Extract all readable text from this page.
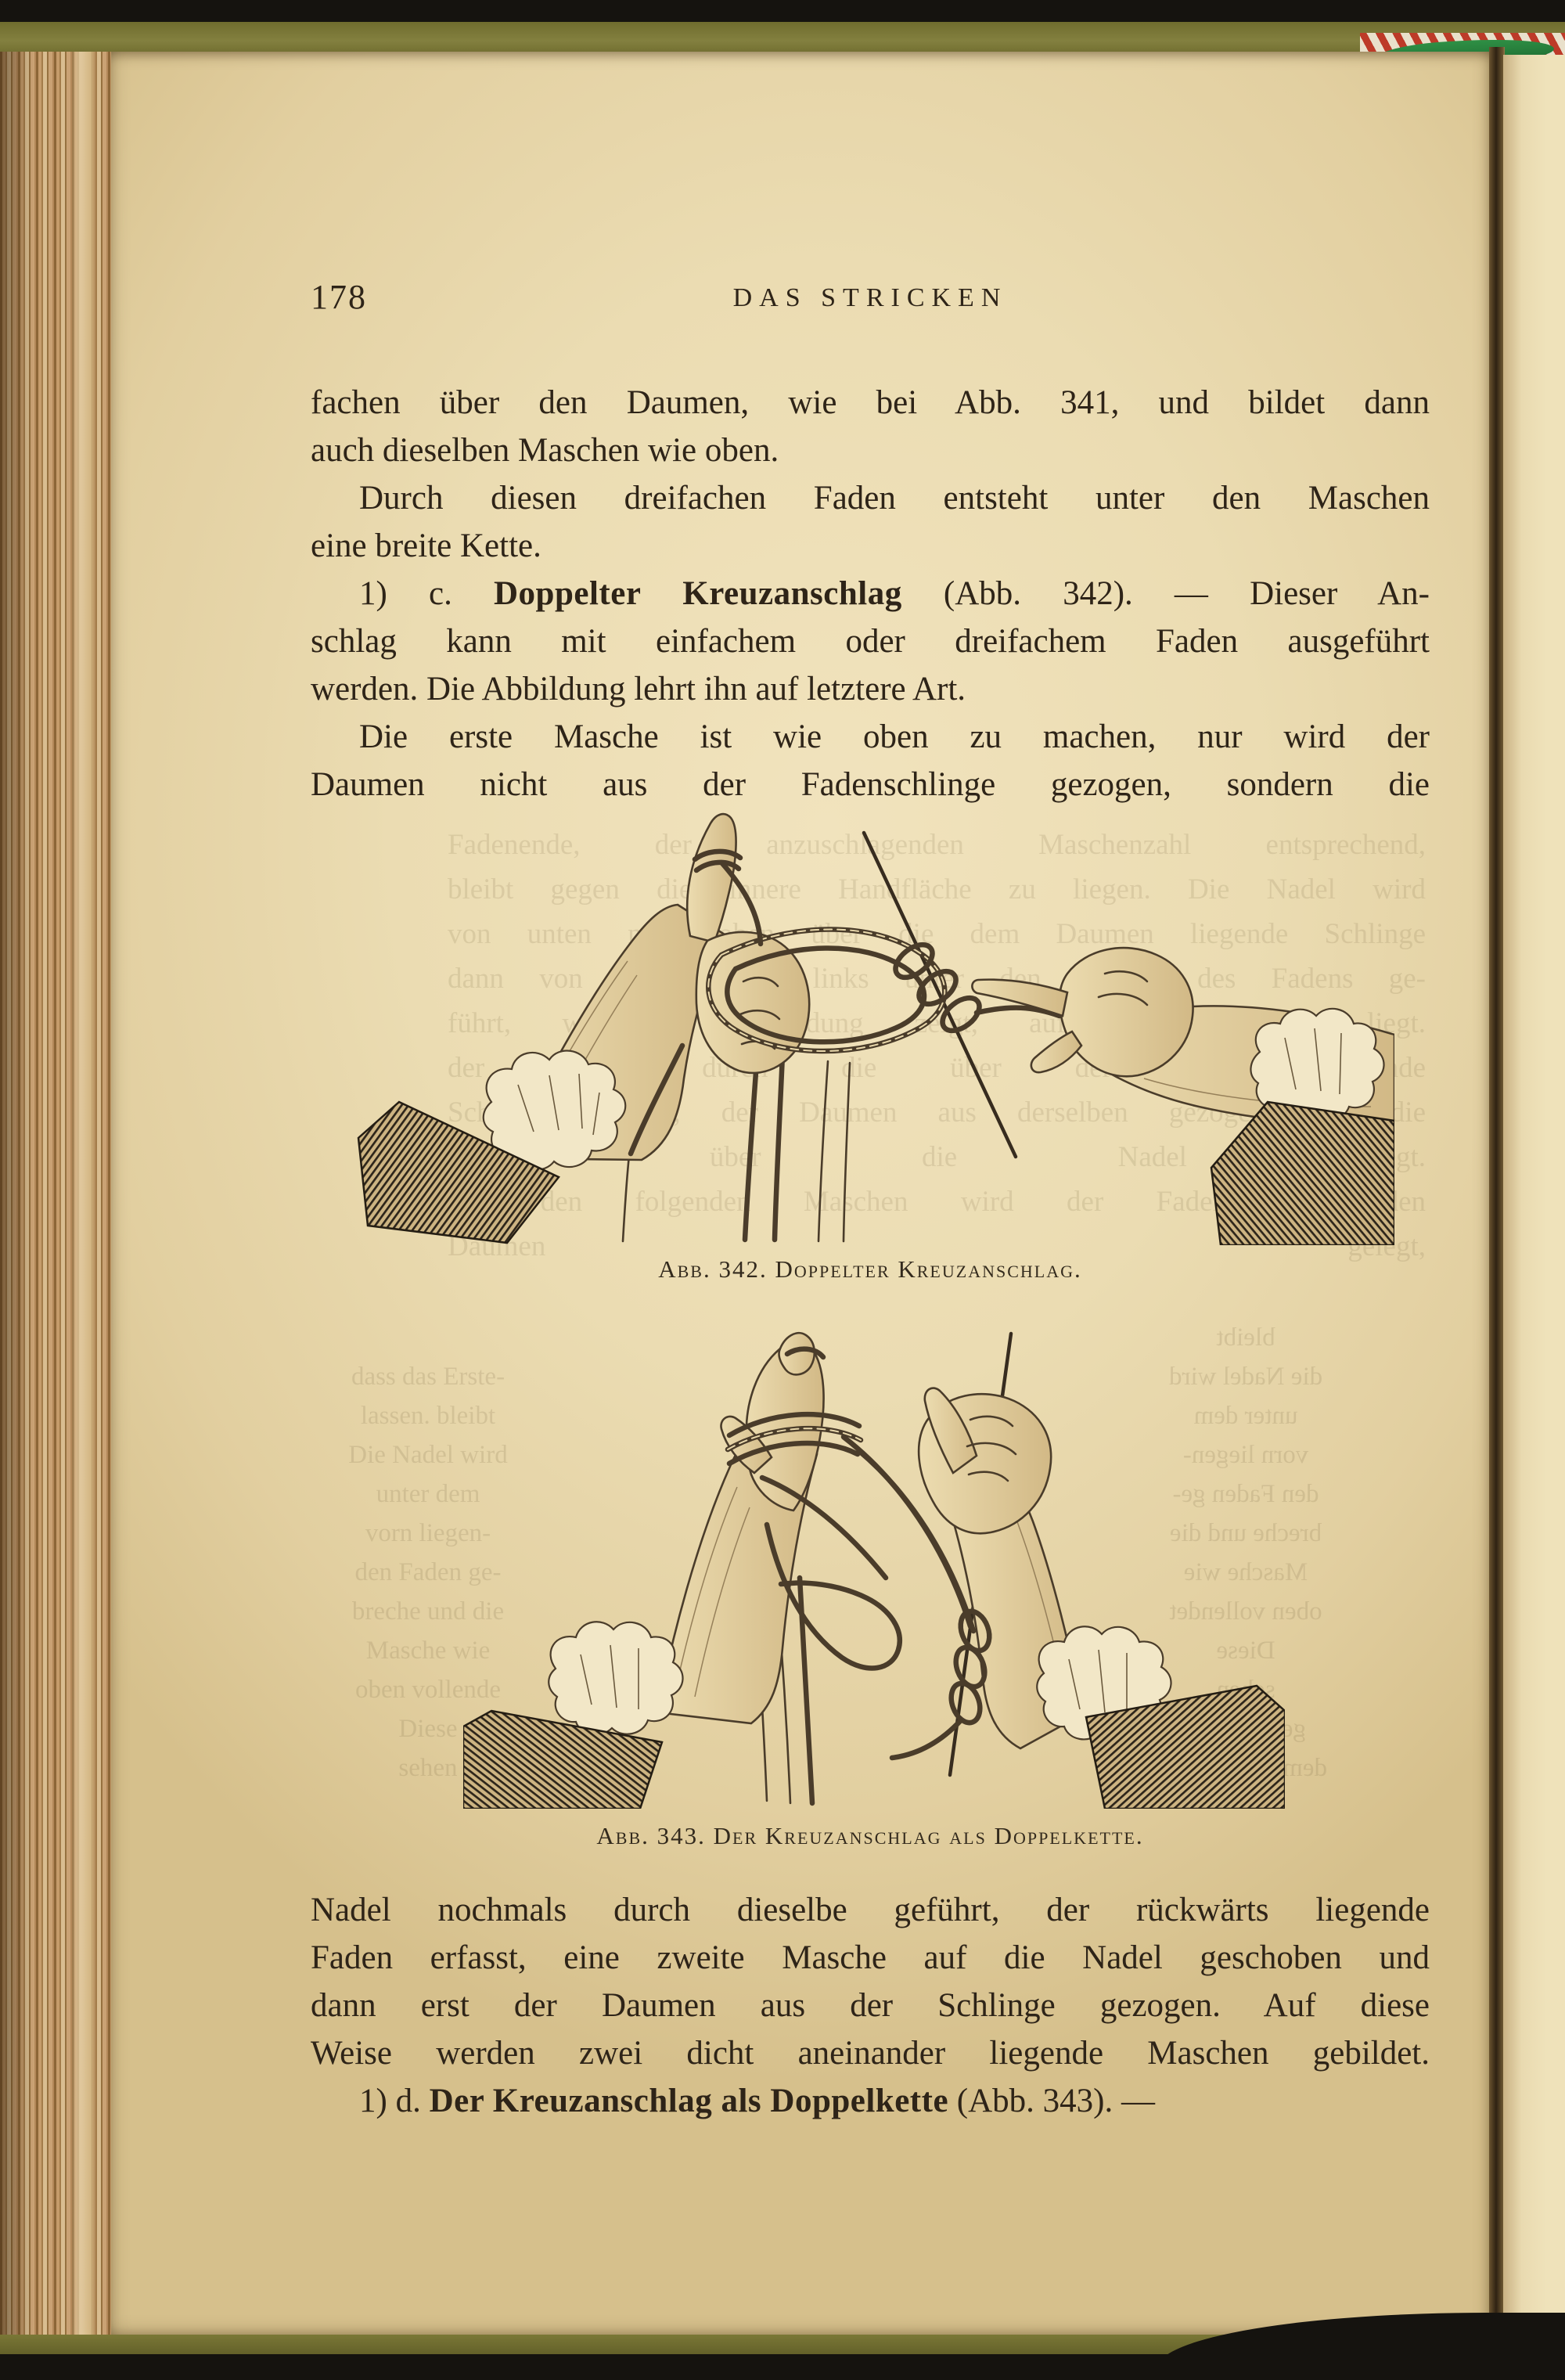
178	DAS STRICKEN
fachen über den Daumen, wie bei Abb. 341, und bildet dann
auch dieselben Maschen wie oben.
Durch diesen dreifachen Faden entsteht unter den Maschen
eine breite Kette.
1) c. Doppelter Kreuzanschlag (Abb. 342). — Dieser An-
schlag kann mit einfachem oder dreifachem Faden ausgeführt
werden. Die Abbildung lehrt ihn auf letztere Art.
Die erste Masche ist wie oben zu machen, nur wird der
Daumen nicht aus der Fadenschlinge gezogen, sondern die
Fadenende, der anzuschlagenden Maschenzahl entsprechend,
bleibt gegen die innere Handfläche zu liegen. Die Nadel wird
von unten nach oben über die dem Daumen liegende Schlinge
dann von rechts nach links unter den Anfang des Fadens ge-
führt, wie die Abbildung zeigt, auf dem Daumen liegt.
der Faden durch die über der Nadel liegende
Schlinge geführt, der Daumen aus derselben gezogen und die
Schlinge über die Nadel gelegt.
Bei den folgenden Maschen wird der Faden über den
Daumen gelegt,
Abb. 342. Doppelter Kreuzanschlag.
dass das Erste-
lassen. bleibt
Die Nadel wird
unter dem
vorn liegen-
den Faden ge-
breche und die
Masche wie
oben vollende
Diese
sehen
bleibt
die Nadel wird
unter dem
vorn liegen-
den Faden ge-
breche und die
Masche wie
oben vollendet
Diese
dem
Abb. 343. Der Kreuzanschlag als Doppelkette.
Nadel nochmals durch dieselbe geführt, der rückwärts liegende
Faden erfasst, eine zweite Masche auf die Nadel geschoben und
dann erst der Daumen aus der Schlinge gezogen. Auf diese
Weise werden zwei dicht aneinander liegende Maschen gebildet.
1) d. Der Kreuzanschlag als Doppelkette (Abb. 343). —
